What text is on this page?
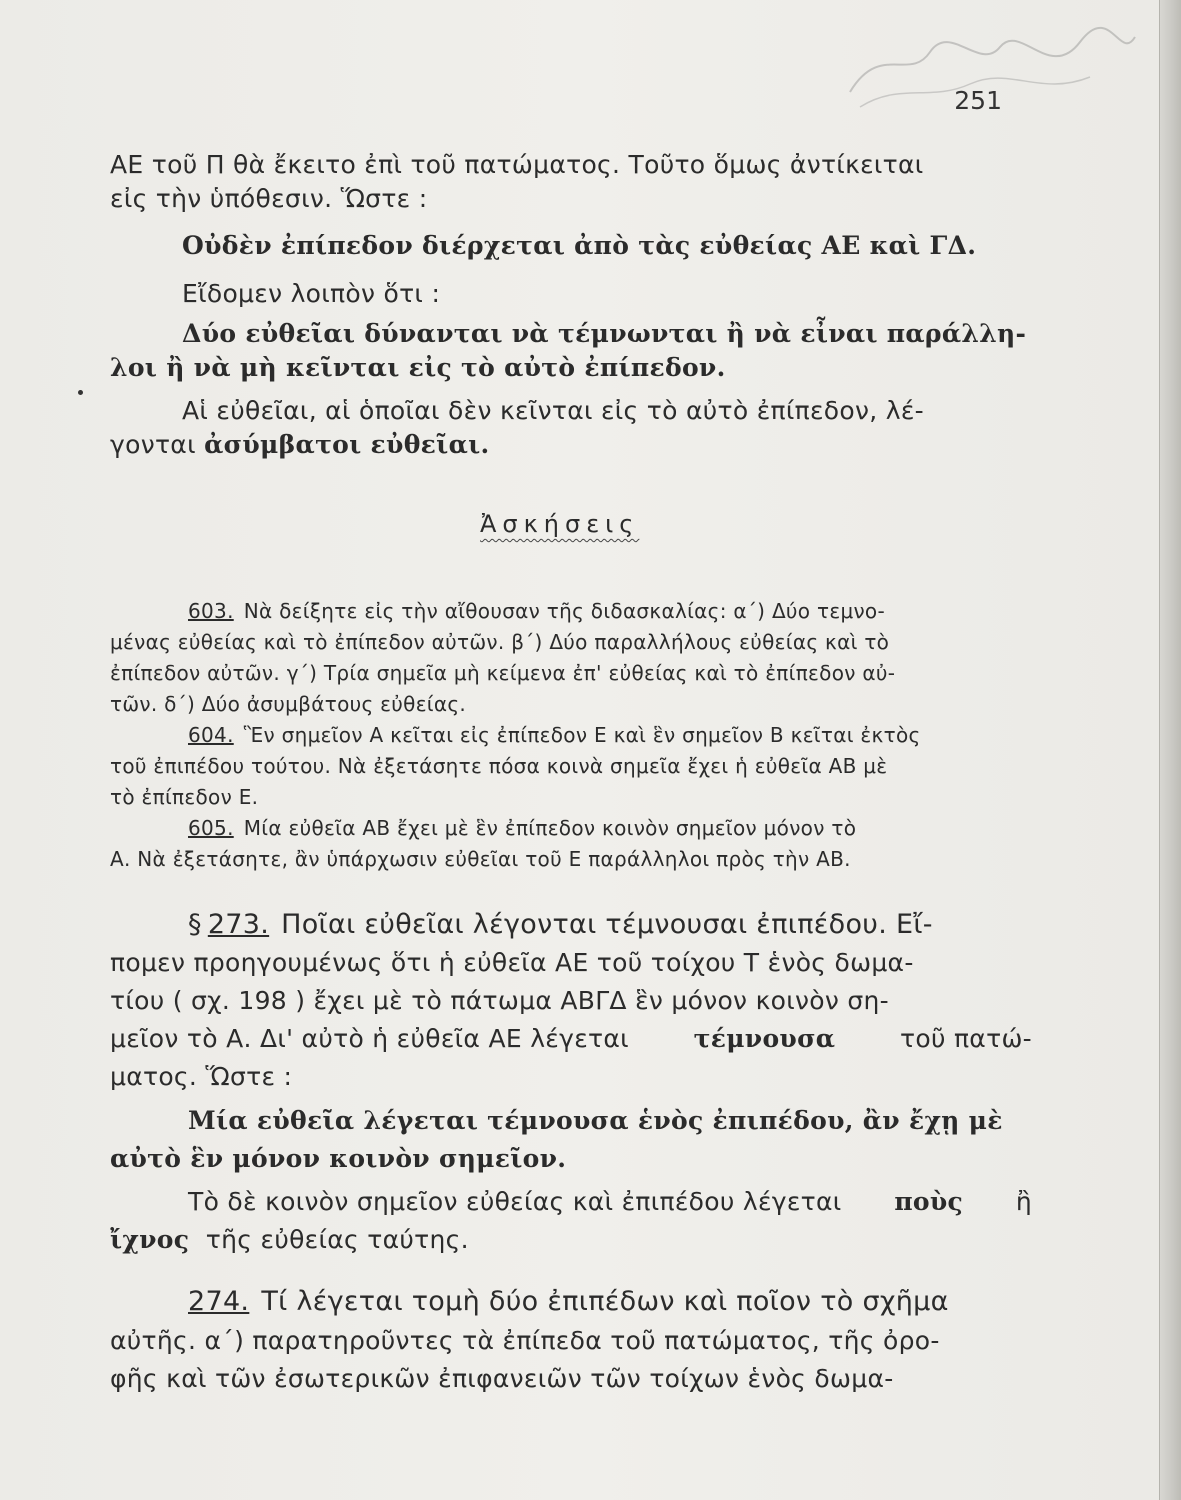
251
ΑΕ τοῦ Π θὰ ἔκειτο ἐπὶ τοῦ πατώματος. Τοῦτο ὅμως ἀντίκειται
εἰς τὴν ὑπόθεσιν. Ὥστε :
Οὐδὲν ἐπίπεδον διέρχεται ἀπὸ τὰς εὐθείας ΑΕ καὶ ΓΔ.
Εἴδομεν λοιπὸν ὅτι :
Δύο εὐθεῖαι δύνανται νὰ τέμνωνται ἢ νὰ εἶναι παράλλη-
λοι ἢ νὰ μὴ κεῖνται εἰς τὸ αὐτὸ ἐπίπεδον.
Αἱ εὐθεῖαι, αἱ ὁποῖαι δὲν κεῖνται εἰς τὸ αὐτὸ ἐπίπεδον, λέ-
γονται
ἀσύμβατοι εὐθεῖαι.
Ἀσκήσεις
603. Νὰ δείξητε εἰς τὴν αἴθουσαν τῆς διδασκαλίας: α΄) Δύο τεμνο-
μένας εὐθείας καὶ τὸ ἐπίπεδον αὐτῶν. β΄) Δύο παραλλήλους εὐθείας καὶ τὸ
ἐπίπεδον αὐτῶν. γ΄) Τρία σημεῖα μὴ κείμενα ἐπ' εὐθείας καὶ τὸ ἐπίπεδον αὐ-
τῶν. δ΄) Δύο ἀσυμβάτους εὐθείας.
604. Ἓν σημεῖον Α κεῖται εἰς ἐπίπεδον Ε καὶ ἓν σημεῖον Β κεῖται ἐκτὸς
τοῦ ἐπιπέδου τούτου. Νὰ ἐξετάσητε πόσα κοινὰ σημεῖα ἔχει ἡ εὐθεῖα ΑΒ μὲ
τὸ ἐπίπεδον Ε.
605. Μία εὐθεῖα ΑΒ ἔχει μὲ ἓν ἐπίπεδον κοινὸν σημεῖον μόνον τὸ
Α. Νὰ ἐξετάσητε, ἂν ὑπάρχωσιν εὐθεῖαι τοῦ Ε παράλληλοι πρὸς τὴν ΑΒ.
§ 273. Ποῖαι εὐθεῖαι λέγονται τέμνουσαι ἐπιπέδου. Εἴ-
πομεν προηγουμένως ὅτι ἡ εὐθεῖα ΑΕ τοῦ τοίχου Τ ἑνὸς δωμα-
τίου ( σχ. 198 ) ἔχει μὲ τὸ πάτωμα ΑΒΓΔ ἓν μόνον κοινὸν ση-
μεῖον τὸ Α. Δι' αὐτὸ ἡ εὐθεῖα ΑΕ λέγεται	τέμνουσα	τοῦ πατώ-
ματος. Ὥστε :
Μία εὐθεῖα λέγεται τέμνουσα ἑνὸς ἐπιπέδου, ἂν ἔχῃ μὲ
αὐτὸ ἓν μόνον κοινὸν σημεῖον.
Τὸ δὲ κοινὸν σημεῖον εὐθείας καὶ ἐπιπέδου λέγεται ποὺς ἢ
ἴχνος
τῆς εὐθείας ταύτης.
274. Τί λέγεται τομὴ δύο ἐπιπέδων καὶ ποῖον τὸ σχῆμα
αὐτῆς. α΄) παρατηροῦντες τὰ ἐπίπεδα τοῦ πατώματος, τῆς ὀρο-
φῆς καὶ τῶν ἐσωτερικῶν ἐπιφανειῶν τῶν τοίχων ἑνὸς δωμα-
